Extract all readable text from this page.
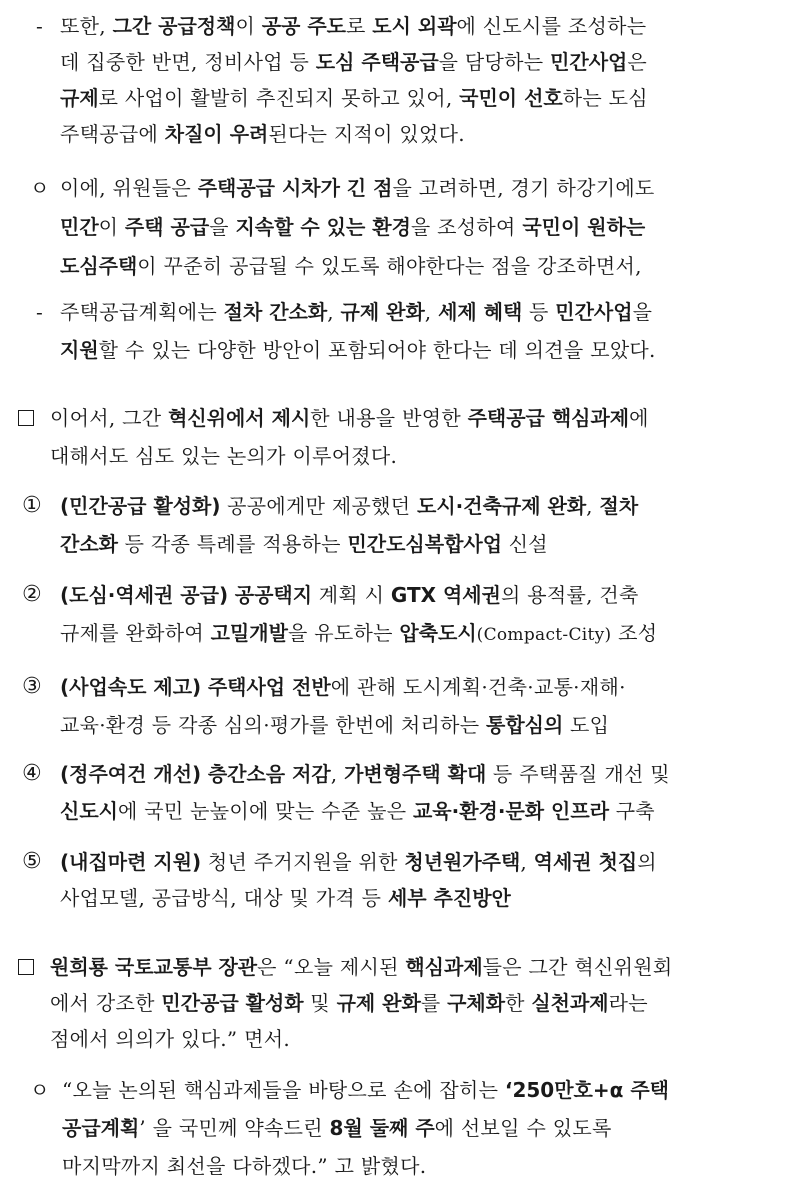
- 또한, 그간 공급정책이 공공 주도로 도시 외곽에 신도시를 조성하는
데 집중한 반면, 정비사업 등 도심 주택공급을 담당하는 민간사업은
규제로 사업이 활발히 추진되지 못하고 있어, 국민이 선호하는 도심
주택공급에 차질이 우려된다는 지적이 있었다.
ㅇ 이에, 위원들은 주택공급 시차가 긴 점을 고려하면, 경기 하강기에도
민간이 주택 공급을 지속할 수 있는 환경을 조성하여 국민이 원하는
도심주택이 꾸준히 공급될 수 있도록 해야한다는 점을 강조하면서,
- 주택공급계획에는 절차 간소화, 규제 완화, 세제 혜택 등 민간사업을
지원할 수 있는 다양한 방안이 포함되어야 한다는 데 의견을 모았다.
이어서, 그간 혁신위에서 제시한 내용을 반영한 주택공급 핵심과제에
대해서도 심도 있는 논의가 이루어졌다.
① (민간공급 활성화) 공공에게만 제공했던 도시·건축규제 완화, 절차
간소화 등 각종 특례를 적용하는 민간도심복합사업 신설
② (도심·역세권 공급) 공공택지 계획 시 GTX 역세권의 용적률, 건축
규제를 완화하여 고밀개발을 유도하는 압축도시(Compact-City) 조성
③ (사업속도 제고) 주택사업 전반에 관해 도시계획·건축·교통·재해·
교육·환경 등 각종 심의·평가를 한번에 처리하는 통합심의 도입
④ (정주여건 개선) 층간소음 저감, 가변형주택 확대 등 주택품질 개선 및
신도시에 국민 눈높이에 맞는 수준 높은 교육·환경·문화 인프라 구축
⑤ (내집마련 지원) 청년 주거지원을 위한 청년원가주택, 역세권 첫집의
사업모델, 공급방식, 대상 및 가격 등 세부 추진방안
원희룡 국토교통부 장관은 “오늘 제시된 핵심과제들은 그간 혁신위원회
에서 강조한 민간공급 활성화 및 규제 완화를 구체화한 실천과제라는
점에서 의의가 있다.” 면서.
ㅇ “오늘 논의된 핵심과제들을 바탕으로 손에 잡히는 ‘250만호+α 주택
공급계획’ 을 국민께 약속드린 8월 둘째 주에 선보일 수 있도록
마지막까지 최선을 다하겠다.” 고 밝혔다.
